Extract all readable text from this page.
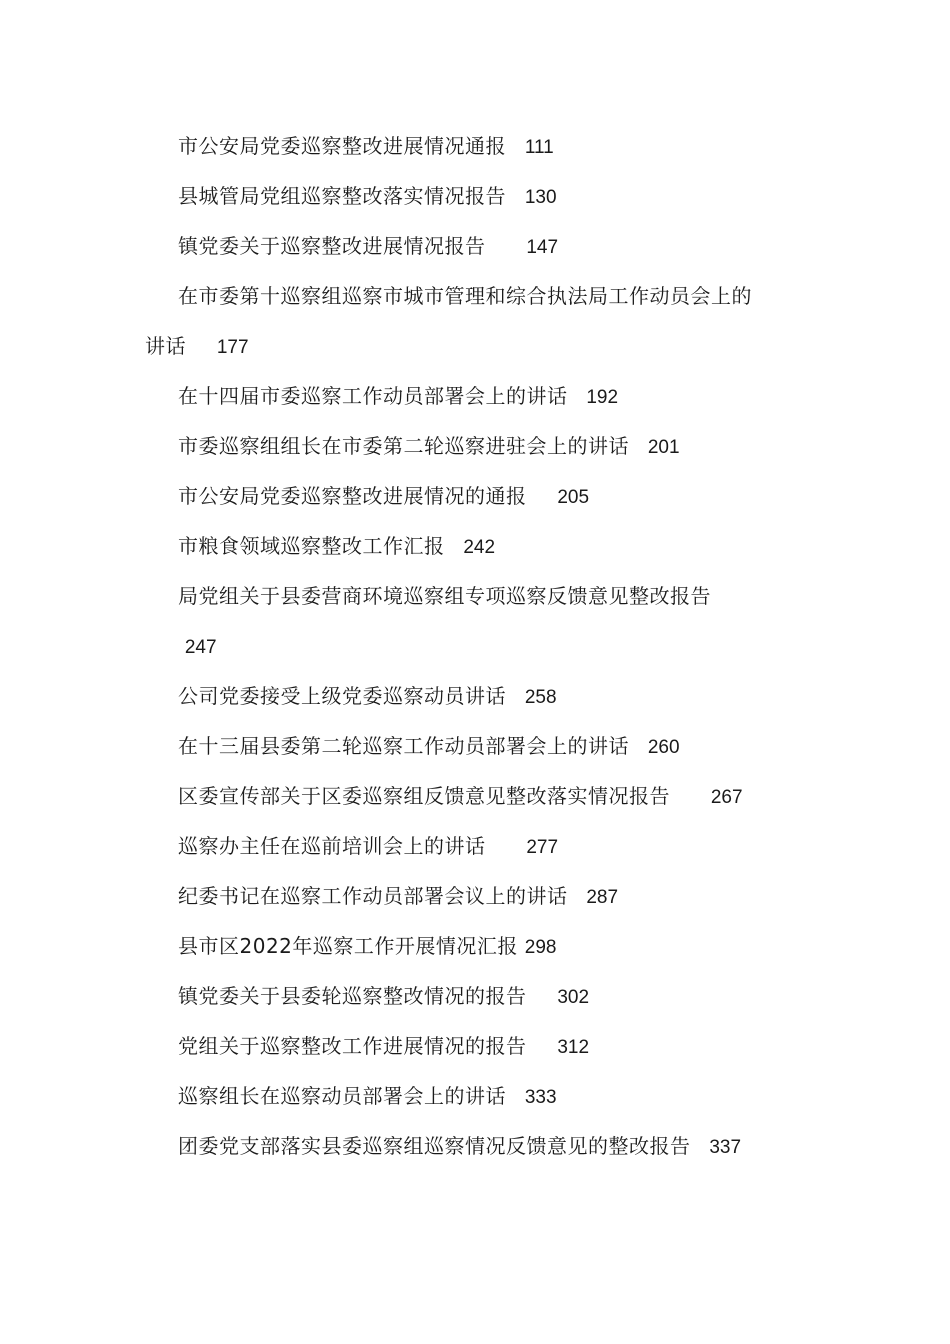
市公安局党委巡察整改进展情况通报 111
县城管局党组巡察整改落实情况报告 130
镇党委关于巡察整改进展情况报告 147
在市委第十巡察组巡察市城市管理和综合执法局工作动员会上的
讲话 177
在十四届市委巡察工作动员部署会上的讲话 192
市委巡察组组长在市委第二轮巡察进驻会上的讲话 201
市公安局党委巡察整改进展情况的通报 205
市粮食领域巡察整改工作汇报 242
局党组关于县委营商环境巡察组专项巡察反馈意见整改报告
247
公司党委接受上级党委巡察动员讲话 258
在十三届县委第二轮巡察工作动员部署会上的讲话 260
区委宣传部关于区委巡察组反馈意见整改落实情况报告 267
巡察办主任在巡前培训会上的讲话 277
纪委书记在巡察工作动员部署会议上的讲话 287
县市区2022年巡察工作开展情况汇报 298
镇党委关于县委轮巡察整改情况的报告 302
党组关于巡察整改工作进展情况的报告 312
巡察组长在巡察动员部署会上的讲话 333
团委党支部落实县委巡察组巡察情况反馈意见的整改报告 337
